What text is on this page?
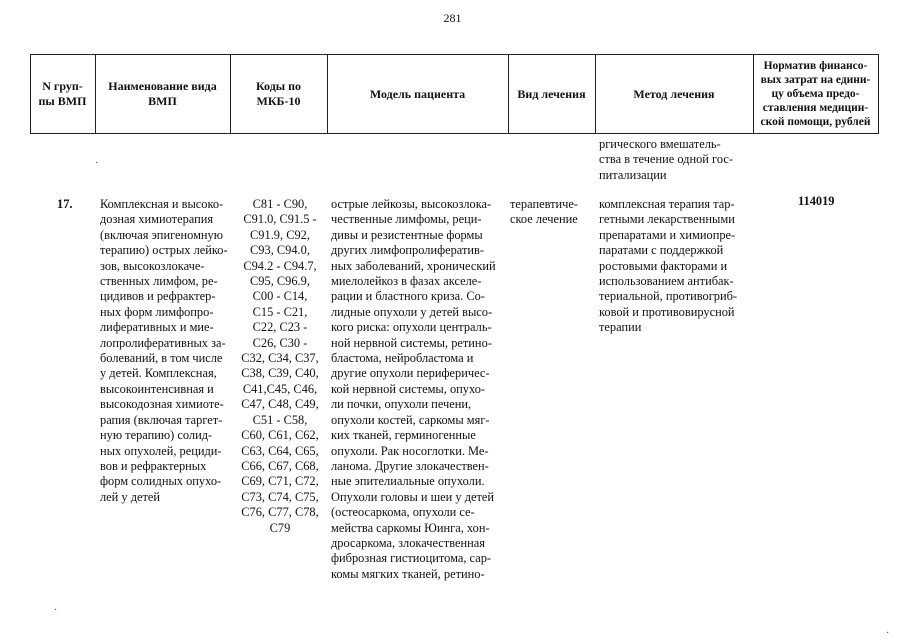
281
N груп-
пы ВМП
Наименование вида
ВМП
Коды по
МКБ-10
Модель пациента	Вид лечения	Метод лечения
Норматив финансо-
вых затрат на едини-
цу объема предо-
ставления медицин-
ской помощи, рублей
ргического вмешатель-
ства в течение одной гос-
питализации
17. Комплексная и высоко-
дозная химиотерапия
(включая эпигеномную
терапию) острых лейко-
зов, высокозлокаче-
ственных лимфом, ре-
цидивов и рефрактер-
ных форм лимфопро-
лиферативных и мие-
лопролиферативных за-
болеваний, в том числе
у детей. Комплексная,
высокоинтенсивная и
высокодозная химиоте-
рапия (включая таргет-
ную терапию) солид-
ных опухолей, рециди-
вов и рефрактерных
форм солидных опухо-
лей у детей
C81 - C90,
C91.0, C91.5 -
C91.9, C92,
C93, C94.0,
C94.2 - C94.7,
C95, C96.9,
C00 - C14,
C15 - C21,
C22, C23 -
C26, C30 -
C32, C34, C37,
C38, C39, C40,
C41,C45, C46,
C47, C48, C49,
C51 - C58,
C60, C61, C62,
C63, C64, C65,
C66, C67, C68,
C69, C71, C72,
C73, C74, C75,
C76, C77, C78,
C79
острые лейкозы, высокозлока-
чественные лимфомы, реци-
дивы и резистентные формы
других лимфопролифератив-
ных заболеваний, хронический
миелолейкоз в фазах акселе-
рации и бластного криза. Со-
лидные опухоли у детей высо-
кого риска: опухоли централь-
ной нервной системы, ретино-
бластома, нейробластома и
другие опухоли периферичес-
кой нервной системы, опухо-
ли почки, опухоли печени,
опухоли костей, саркомы мяг-
ких тканей, герминогенные
опухоли. Рак носоглотки. Ме-
ланома. Другие злокачествен-
ные эпителиальные опухоли.
Опухоли головы и шеи у детей
(остеосаркома, опухоли се-
мейства саркомы Юинга, хон-
дросаркома, злокачественная
фиброзная гистиоцитома, сар-
комы мягких тканей, ретино-
терапевтиче-
ское лечение
комплексная терапия тар-
гетными лекарственными
препаратами и химиопре-
паратами с поддержкой
ростовыми факторами и
использованием антибак-
териальной, противогриб-
ковой и противовирусной
терапии
114019
·
·
·
